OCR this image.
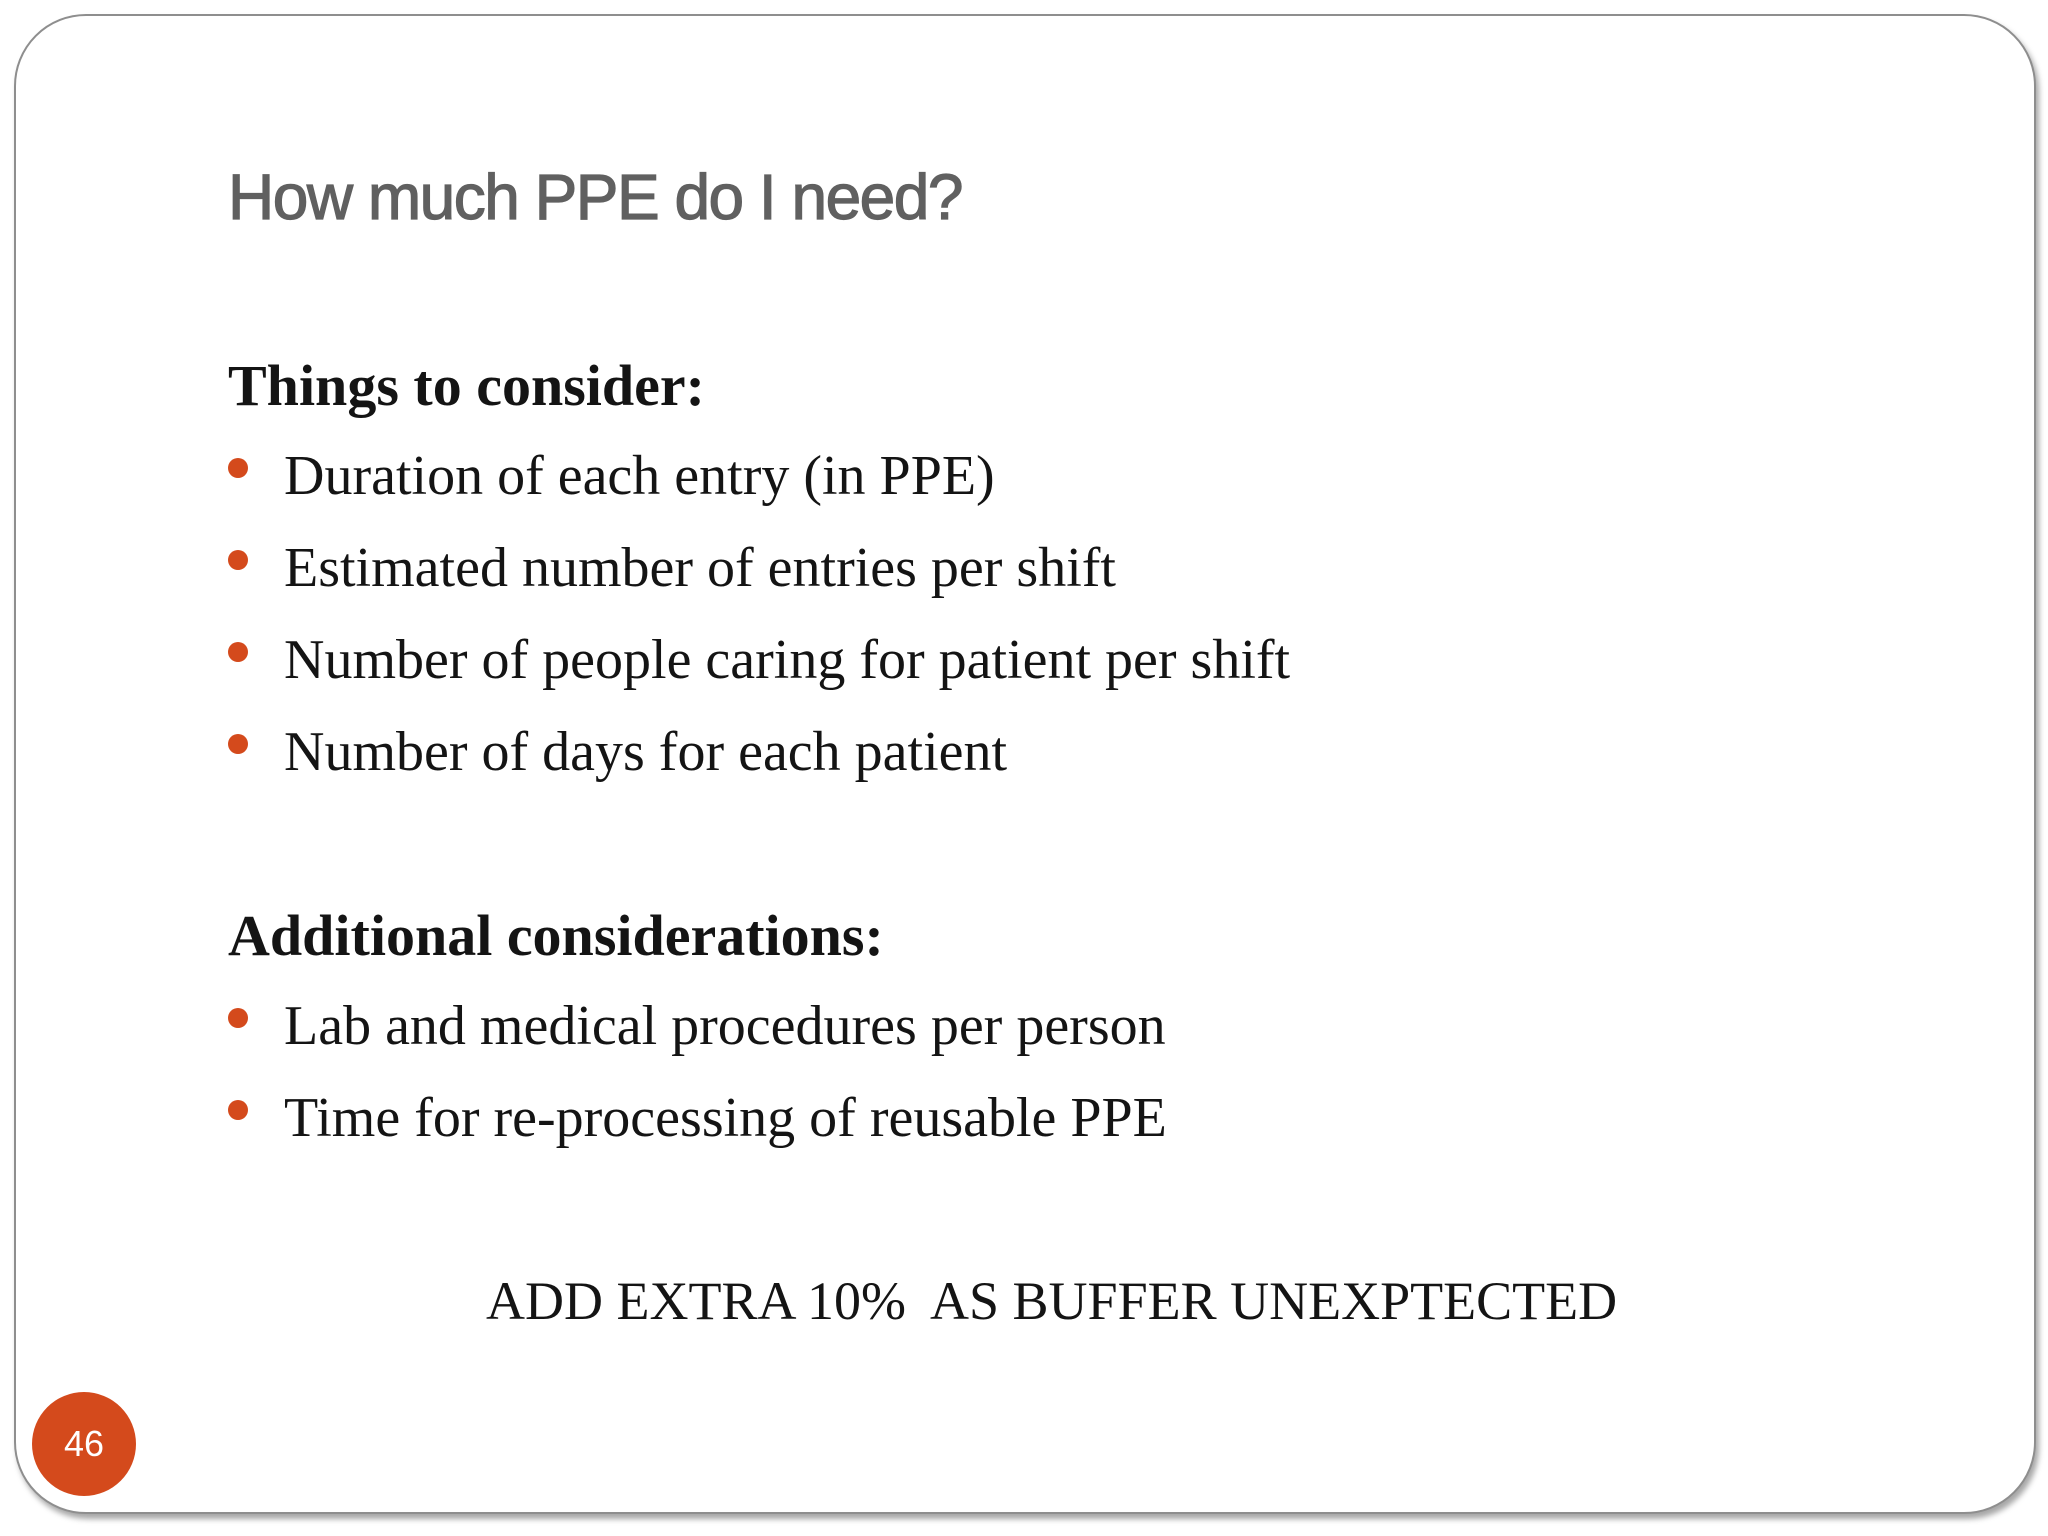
How much PPE do I need?
Things to consider:
Duration of each entry (in PPE)
Estimated number of entries per shift
Number of people caring for patient per shift
Number of days for each patient
Additional considerations:
Lab and medical procedures per person
Time for re-processing of reusable PPE

ADD EXTRA 10%  AS BUFFER UNEXPTECTED

46
